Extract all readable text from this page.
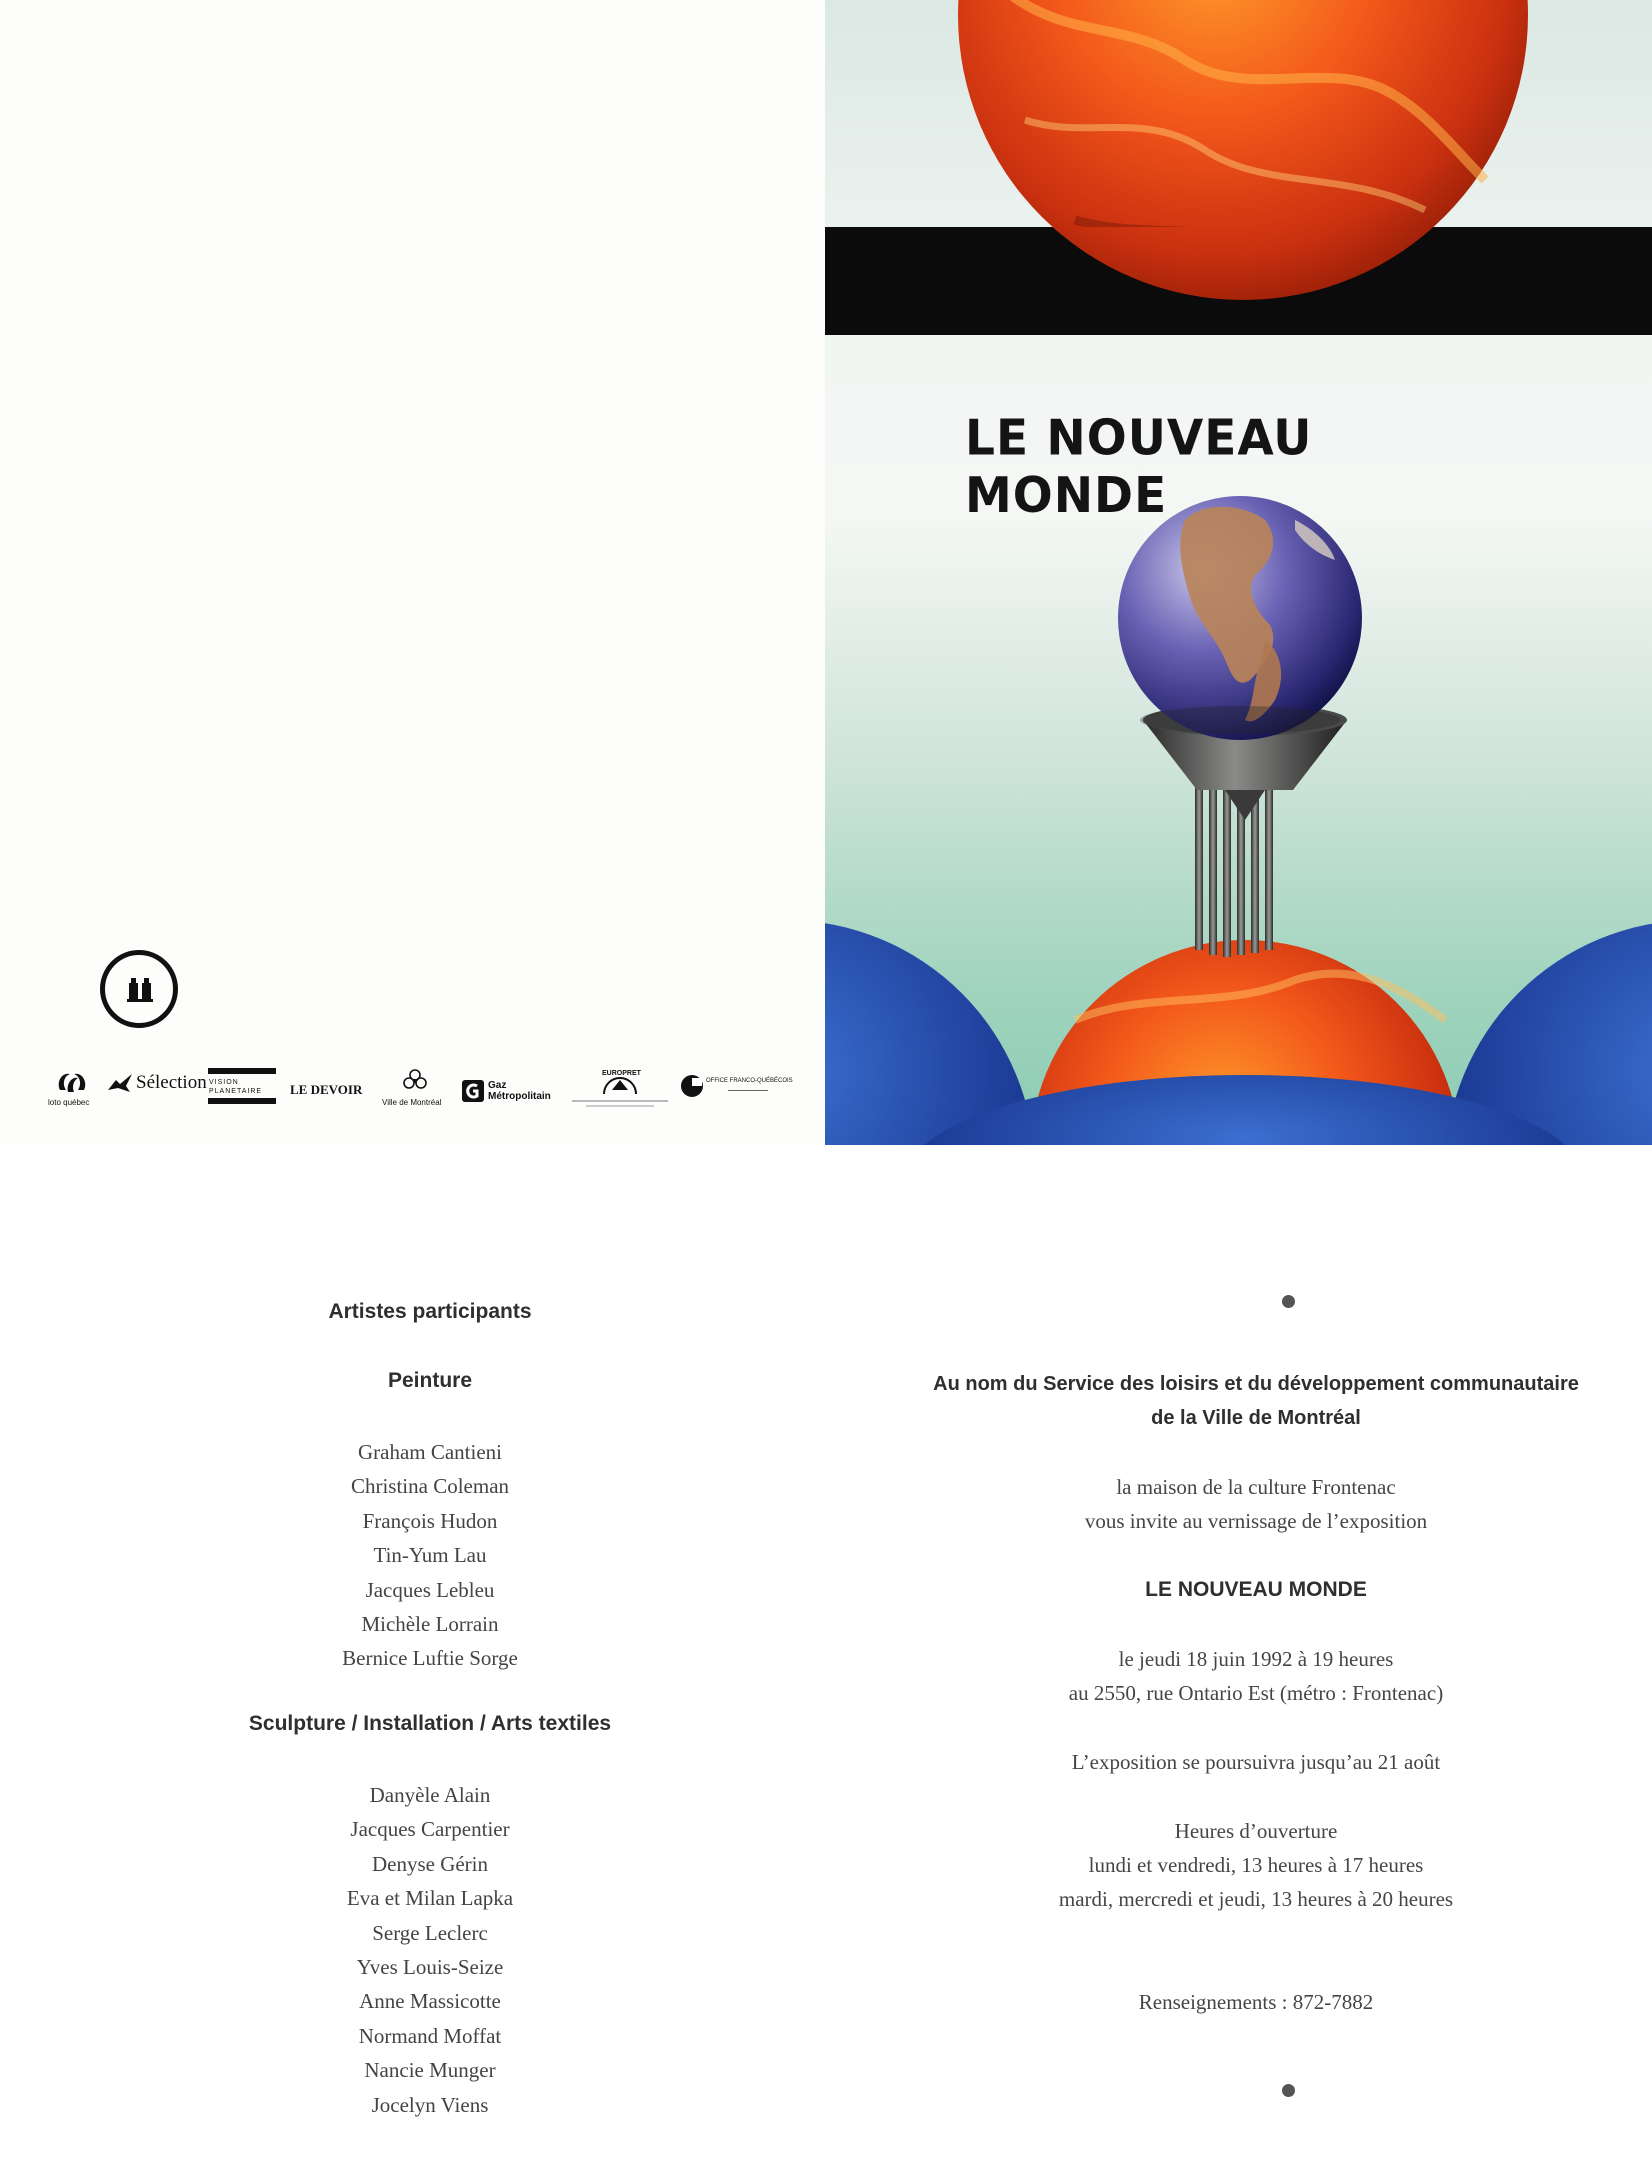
loto québec
Sélection VISION PLANETAIRE	LE DEVOIR
Ville de Montréal
Gaz Métropolitain
EUROPRET
OFFICE FRANCO-QUÉBÉCOIS
LE NOUVEAU MONDE
Artistes participants
Peinture
Graham Cantieni
Christina Coleman
François Hudon
Tin-Yum Lau
Jacques Lebleu
Michèle Lorrain
Bernice Luftie Sorge
Sculpture / Installation / Arts textiles
Danyèle Alain
Jacques Carpentier
Denyse Gérin
Eva et Milan Lapka
Serge Leclerc
Yves Louis-Seize
Anne Massicotte
Normand Moffat
Nancie Munger
Jocelyn Viens
Au nom du Service des loisirs et du développement communautaire
de la Ville de Montréal
la maison de la culture Frontenac
vous invite au vernissage de l’exposition
LE NOUVEAU MONDE
le jeudi 18 juin 1992 à 19 heures
au 2550, rue Ontario Est (métro : Frontenac)
L’exposition se poursuivra jusqu’au 21 août
Heures d’ouverture
lundi et vendredi, 13 heures à 17 heures
mardi, mercredi et jeudi, 13 heures à 20 heures
Renseignements : 872-7882
